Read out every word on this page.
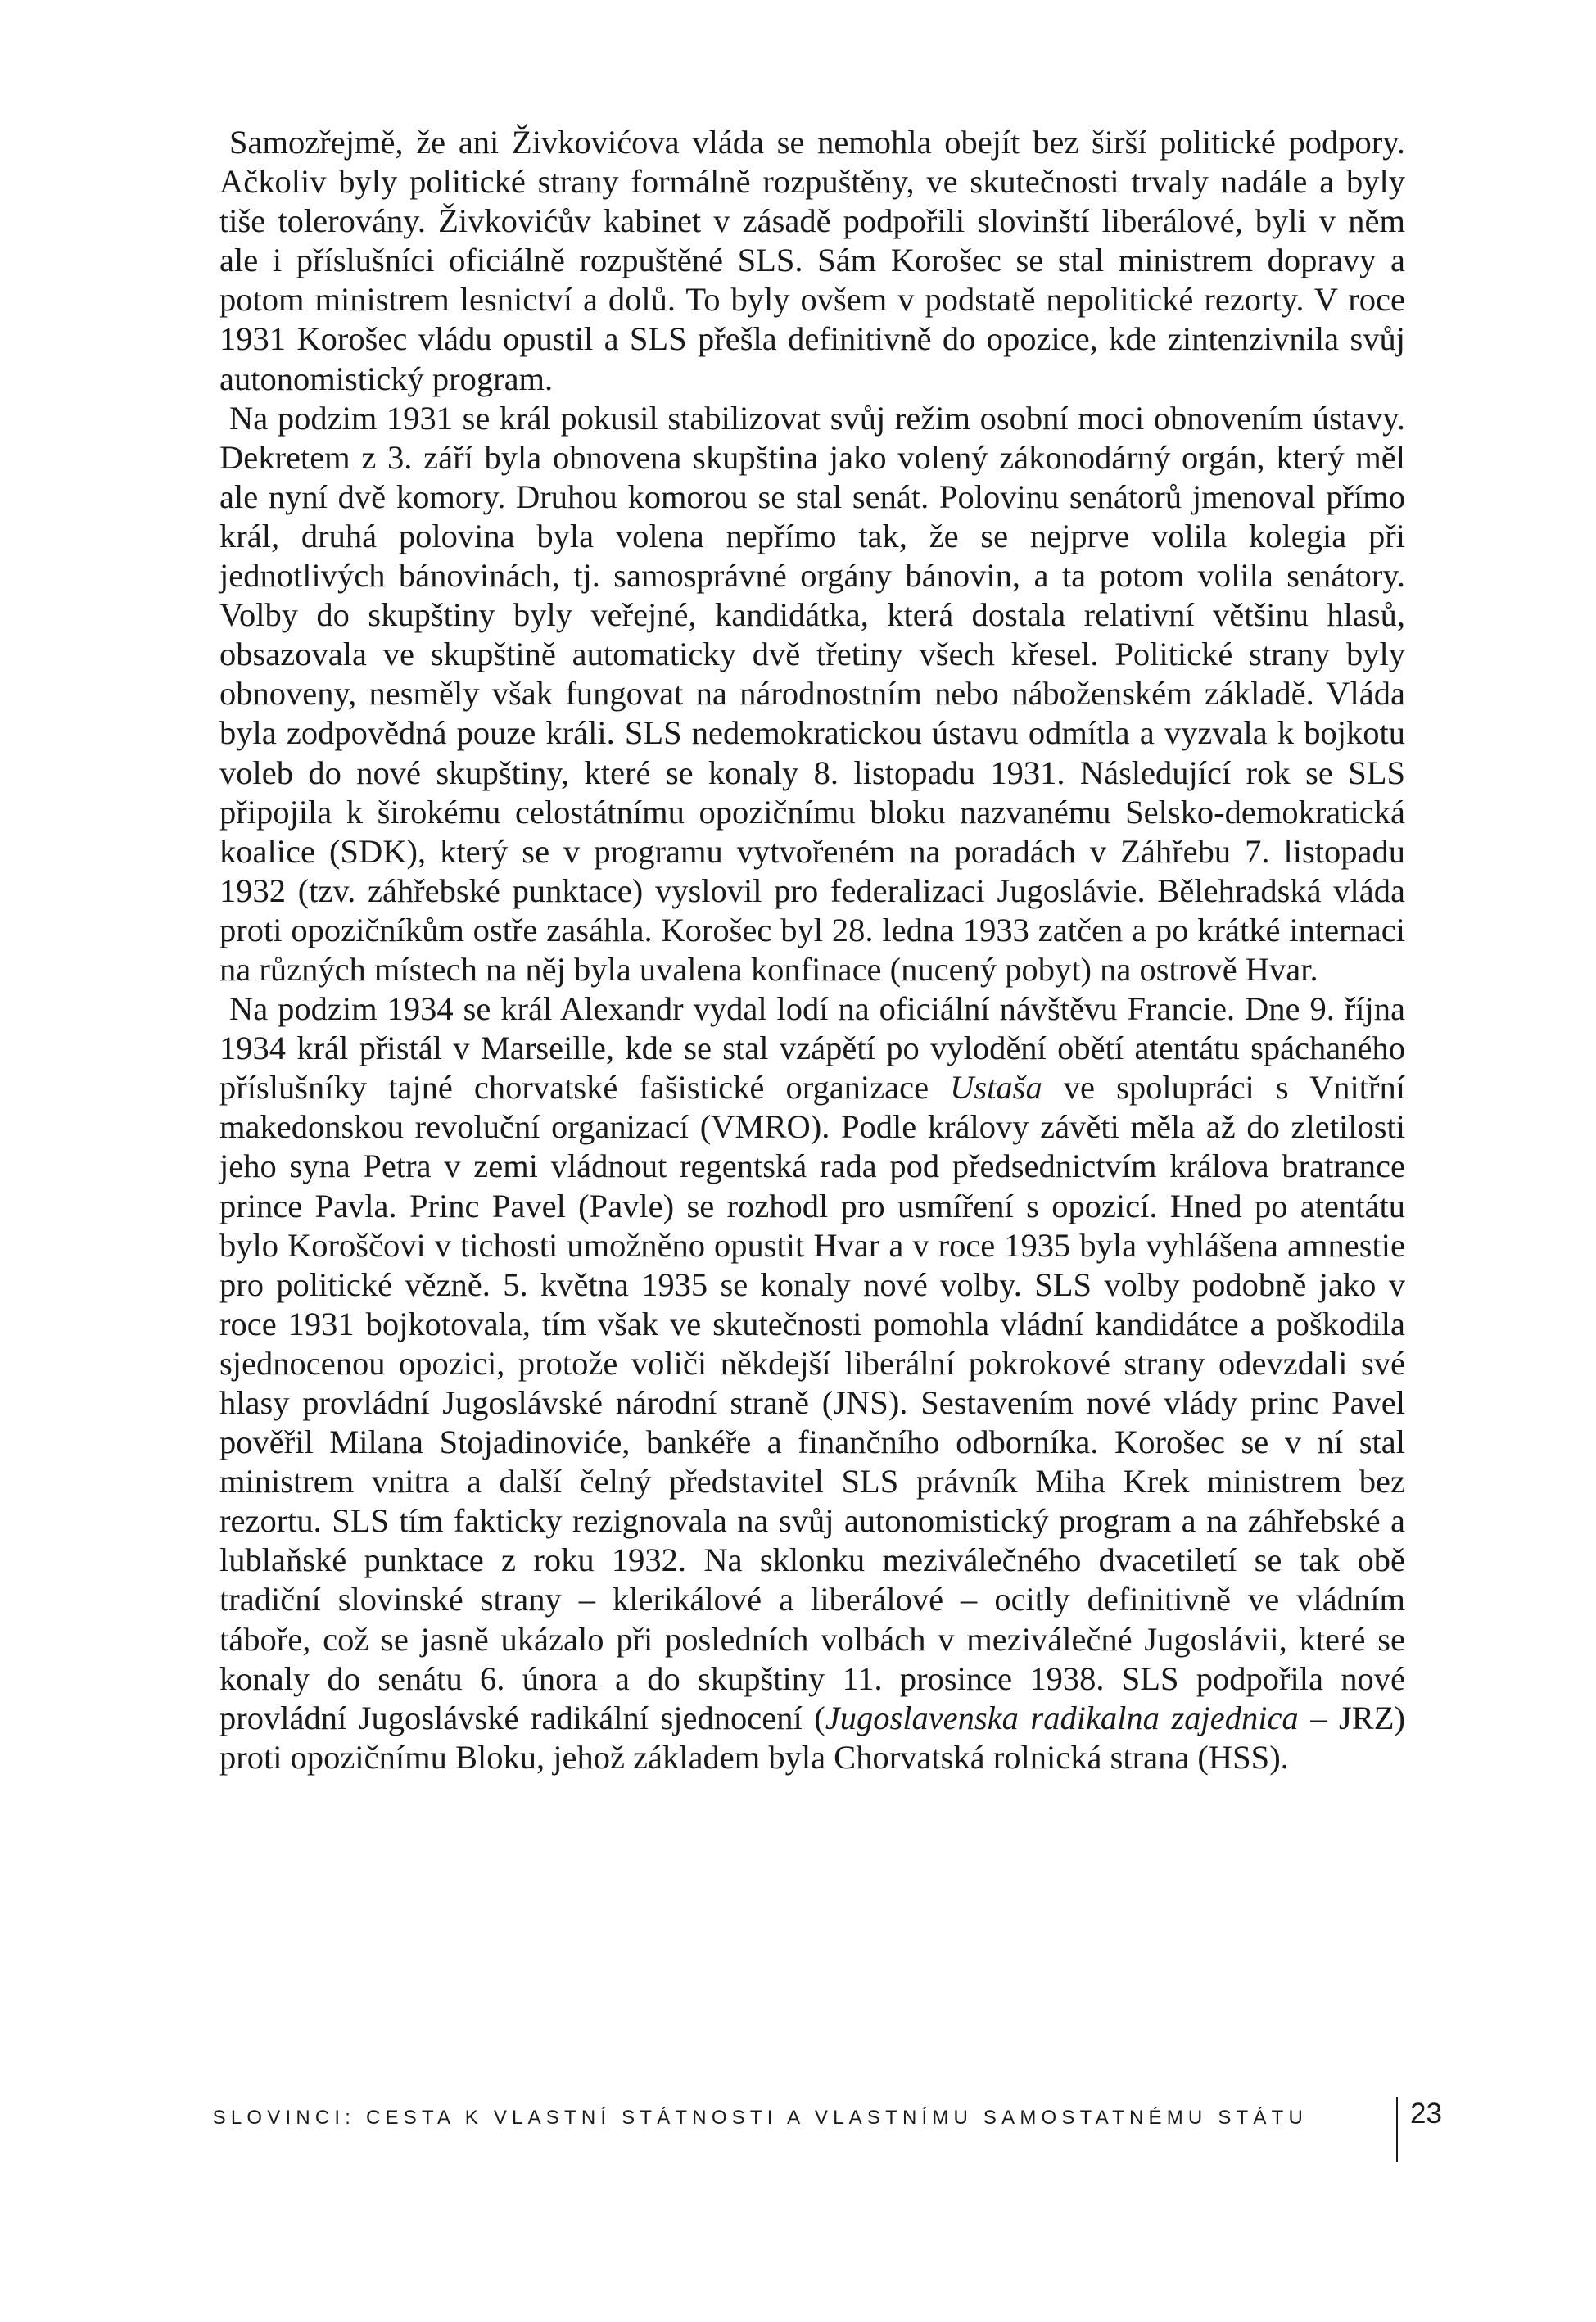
Samozřejmě, že ani Živkovićova vláda se nemohla obejít bez širší politické podpory. Ačkoliv byly politické strany formálně rozpuštěny, ve skutečnosti trvaly nadále a byly tiše tolerovány. Živkovićův kabinet v zásadě podpořili slovinští liberálové, byli v něm ale i příslušníci oficiálně rozpuštěné SLS. Sám Korošec se stal ministrem dopravy a potom ministrem lesnictví a dolů. To byly ovšem v podstatě nepolitické rezorty. V roce 1931 Korošec vládu opustil a SLS přešla definitivně do opozice, kde zintenzivnila svůj autonomistický program.

Na podzim 1931 se král pokusil stabilizovat svůj režim osobní moci obnovením ústavy. Dekretem z 3. září byla obnovena skupština jako volený zákonodárný orgán, který měl ale nyní dvě komory. Druhou komorou se stal senát. Polovinu senátorů jmenoval přímo král, druhá polovina byla volena nepřímo tak, že se nejprve volila kolegia při jednotlivých bánovinách, tj. samosprávné orgány bánovin, a ta potom volila senátory. Volby do skupštiny byly veřejné, kandidátka, která dostala relativní většinu hlasů, obsazovala ve skupštině automaticky dvě třetiny všech křesel. Politické strany byly obnoveny, nesměly však fungovat na národnostním nebo náboženském základě. Vláda byla zodpovědná pouze králi. SLS nedemokratickou ústavu odmítla a vyzvala k bojkotu voleb do nové skupštiny, které se konaly 8. listopadu 1931. Následující rok se SLS připojila k širokému celostátnímu opozičnímu bloku nazvanému Selsko-demokratická koalice (SDK), který se v programu vytvořeném na poradách v Záhřebu 7. listopadu 1932 (tzv. záhřebské punktace) vyslovil pro federalizaci Jugoslávie. Bělehradská vláda proti opozičníkům ostře zasáhla. Korošec byl 28. ledna 1933 zatčen a po krátké internaci na různých místech na něj byla uvalena konfinace (nucený pobyt) na ostrově Hvar.

Na podzim 1934 se král Alexandr vydal lodí na oficiální návštěvu Francie. Dne 9. října 1934 král přistál v Marseille, kde se stal vzápětí po vylodění obětí atentátu spáchaného příslušníky tajné chorvatské fašistické organizace Ustaša ve spolupráci s Vnitřní makedonskou revoluční organizací (VMRO). Podle královy závěti měla až do zletilosti jeho syna Petra v zemi vládnout regentská rada pod předsednictvím králova bratrance prince Pavla. Princ Pavel (Pavle) se rozhodl pro usmíření s opozicí. Hned po atentátu bylo Koroščovi v tichosti umožněno opustit Hvar a v roce 1935 byla vyhlášena amnestie pro politické vězně. 5. května 1935 se konaly nové volby. SLS volby podobně jako v roce 1931 bojkotovala, tím však ve skutečnosti pomohla vládní kandidátce a poškodila sjednocenou opozici, protože voliči někdejší liberální pokrokové strany odevzdali své hlasy provládní Jugoslávské národní straně (JNS). Sestavením nové vlády princ Pavel pověřil Milana Stojadinoviće, bankéře a finančního odborníka. Korošec se v ní stal ministrem vnitra a další čelný představitel SLS právník Miha Krek ministrem bez rezortu. SLS tím fakticky rezignovala na svůj autonomistický program a na záhřebské a lublaňské punktace z roku 1932. Na sklonku meziválečného dvacetiletí se tak obě tradiční slovinské strany – klerikálové a liberálové – ocitly definitivně ve vládním táboře, což se jasně ukázalo při posledních volbách v meziválečné Jugoslávii, které se konaly do senátu 6. února a do skupštiny 11. prosince 1938. SLS podpořila nové provládní Jugoslávské radikální sjednocení (Jugoslavenska radikalna zajednica – JRZ) proti opozičnímu Bloku, jehož základem byla Chorvatská rolnická strana (HSS).

SLOVINCI: CESTA K VLASTNÍ STÁTNOSTI A VLASTNÍMU SAMOSTATNÉMU STÁTU	23
